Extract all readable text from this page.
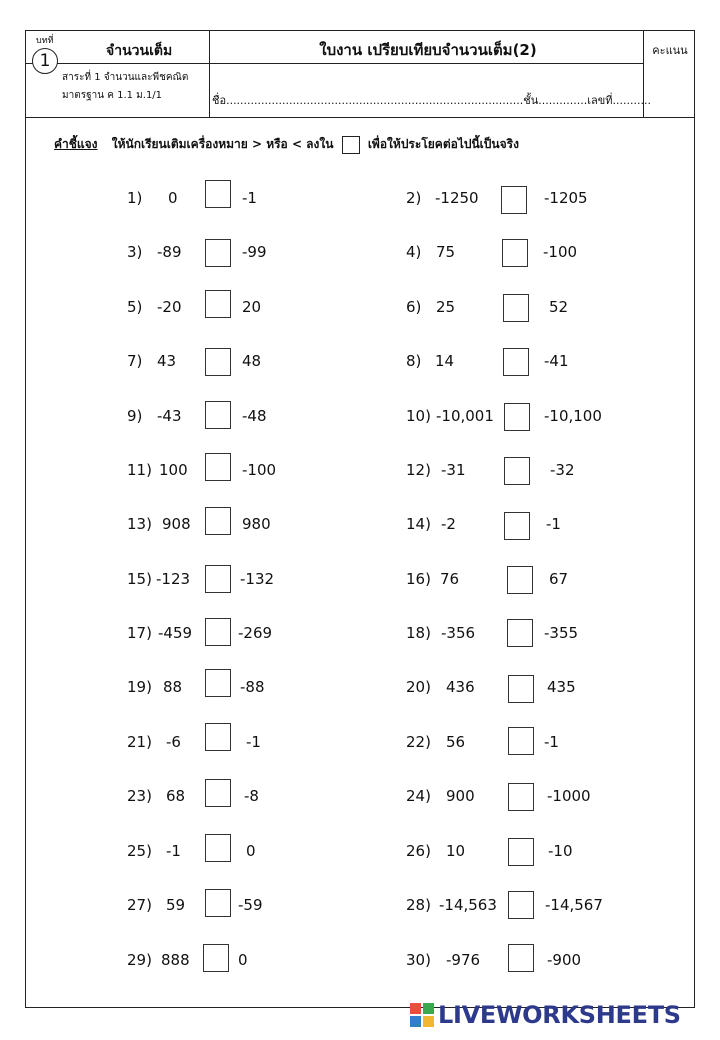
บทที่
1	จำนวนเต็ม	ใบงาน เปรียบเทียบจำนวนเต็ม(2)	คะแนน
สาระที่ 1 จำนวนและพีชคณิต
มาตรฐาน ค 1.1 ม.1/1	ชื่อ.....................................................................................ชั้น..............เลขที่...........
คำชี้แจง ให้นักเรียนเติมเครื่องหมาย > หรือ < ลงใน	เพื่อให้ประโยคต่อไปนี้เป็นจริง
1) 0	-1	2) -1250	-1205
3) -89	-99	4) 75	-100
5) -20	20	6) 25	52
7) 43	48	8) 14	-41
9) -43	-48	10) -10,001	-10,100
11) 100	-100	12) -31	-32
13) 908	980	14) -2	-1
15) -123	-132	16) 76	67
17) -459	-269	18) -356	-355
19) 88	-88	20) 436	435
21) -6	-1	22) 56	-1
23) 68	-8	24) 900	-1000
25) -1	0	26) 10	-10
27) 59	-59	28) -14,563	-14,567
29) 888	0	30) -976	-900
LIVEWORKSHEETS
